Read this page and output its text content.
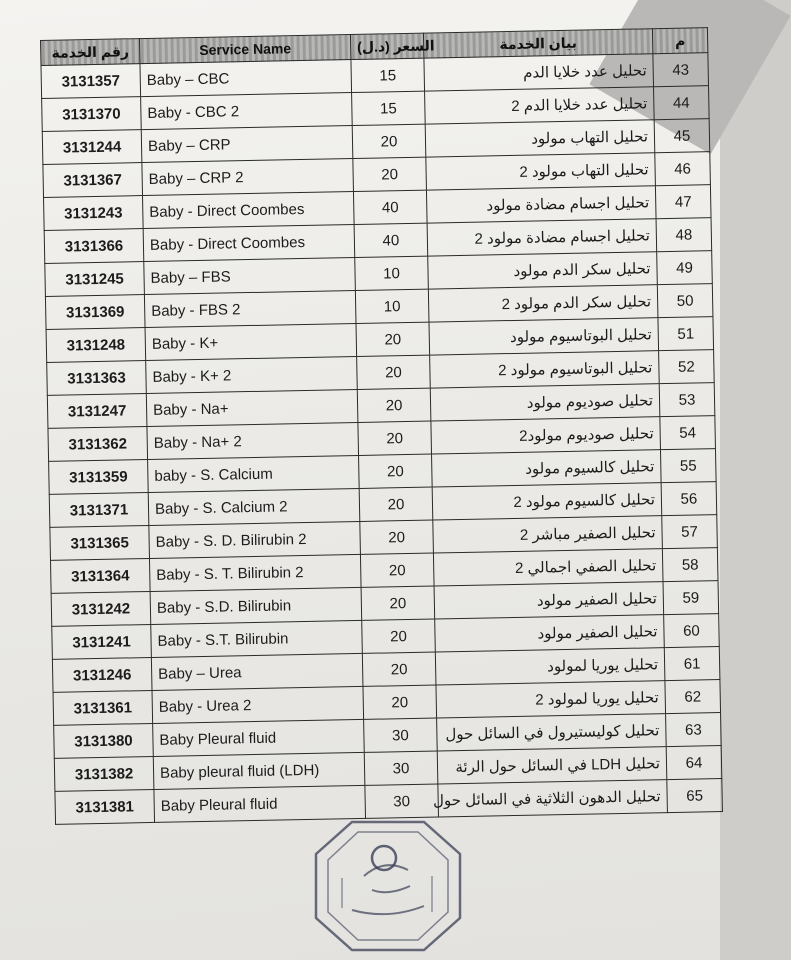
رقم الخدمة	Service Name	السعر (د.ل)	بيان الخدمة	م
3131357	Baby – CBC	15	تحليل عدد خلايا الدم	43
3131370	Baby - CBC 2	15	تحليل عدد خلايا الدم 2	44
3131244	Baby – CRP	20	تحليل التهاب مولود	45
3131367	Baby – CRP 2	20	تحليل التهاب مولود 2	46
3131243	Baby - Direct Coombes	40	تحليل اجسام مضادة مولود	47
3131366	Baby - Direct Coombes	40	تحليل اجسام مضادة مولود 2	48
3131245	Baby – FBS	10	تحليل سكر الدم مولود	49
3131369	Baby - FBS 2	10	تحليل سكر الدم مولود 2	50
3131248	Baby - K+	20	تحليل البوتاسيوم مولود	51
3131363	Baby - K+ 2	20	تحليل البوتاسيوم مولود 2	52
3131247	Baby - Na+	20	تحليل صوديوم مولود	53
3131362	Baby - Na+ 2	20	تحليل صوديوم مولود2	54
3131359	baby - S. Calcium	20	تحليل كالسيوم مولود	55
3131371	Baby - S. Calcium 2	20	تحليل كالسيوم مولود 2	56
3131365	Baby - S. D. Bilirubin 2	20	تحليل الصفير مباشر 2	57
3131364	Baby - S. T. Bilirubin 2	20	تحليل الصفي اجمالي 2	58
3131242	Baby - S.D. Bilirubin	20	تحليل الصفير مولود	59
3131241	Baby - S.T. Bilirubin	20	تحليل الصفير مولود	60
3131246	Baby – Urea	20	تحليل يوريا لمولود	61
3131361	Baby - Urea 2	20	تحليل يوريا لمولود 2	62
3131380	Baby Pleural fluid	30	تحليل كوليستيرول في السائل حول	63
3131382	Baby pleural fluid (LDH)	30	تحليل LDH في السائل حول الرئة	64
3131381	Baby Pleural fluid	30	تحليل الدهون الثلاثية في السائل حول	65
